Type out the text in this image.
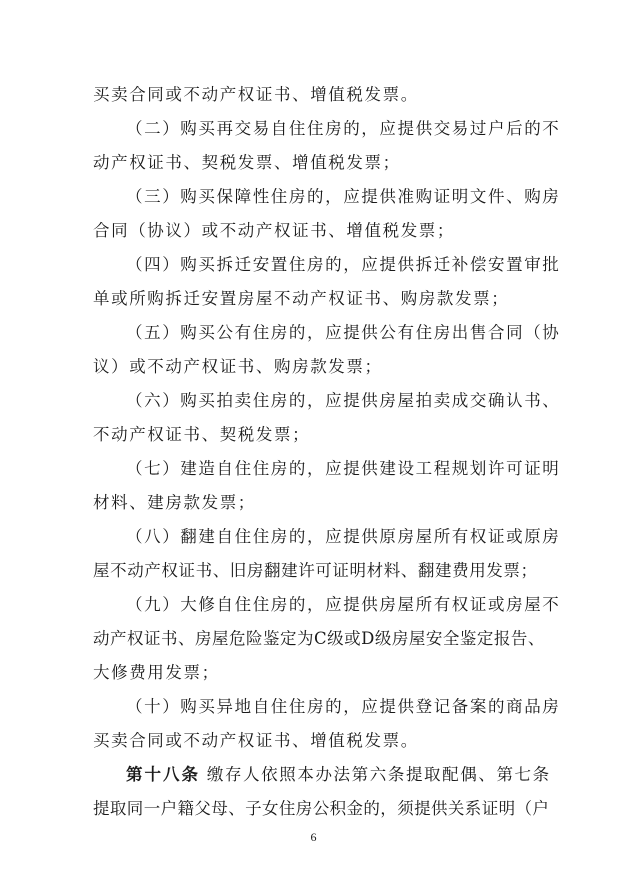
买卖合同或不动产权证书、增值税发票。
（二）购买再交易自住住房的，应提供交易过户后的不
动产权证书、契税发票、增值税发票；
（三）购买保障性住房的，应提供准购证明文件、购房
合同（协议）或不动产权证书、增值税发票；
（四）购买拆迁安置住房的，应提供拆迁补偿安置审批
单或所购拆迁安置房屋不动产权证书、购房款发票；
（五）购买公有住房的，应提供公有住房出售合同（协
议）或不动产权证书、购房款发票；
（六）购买拍卖住房的，应提供房屋拍卖成交确认书、
不动产权证书、契税发票；
（七）建造自住住房的，应提供建设工程规划许可证明
材料、建房款发票；
（八）翻建自住住房的，应提供原房屋所有权证或原房
屋不动产权证书、旧房翻建许可证明材料、翻建费用发票；
（九）大修自住住房的，应提供房屋所有权证或房屋不
动产权证书、房屋危险鉴定为C级或D级房屋安全鉴定报告、
大修费用发票；
（十）购买异地自住住房的，应提供登记备案的商品房
买卖合同或不动产权证书、增值税发票。
第十八条 缴存人依照本办法第六条提取配偶、第七条
提取同一户籍父母、子女住房公积金的，须提供关系证明（户
6
